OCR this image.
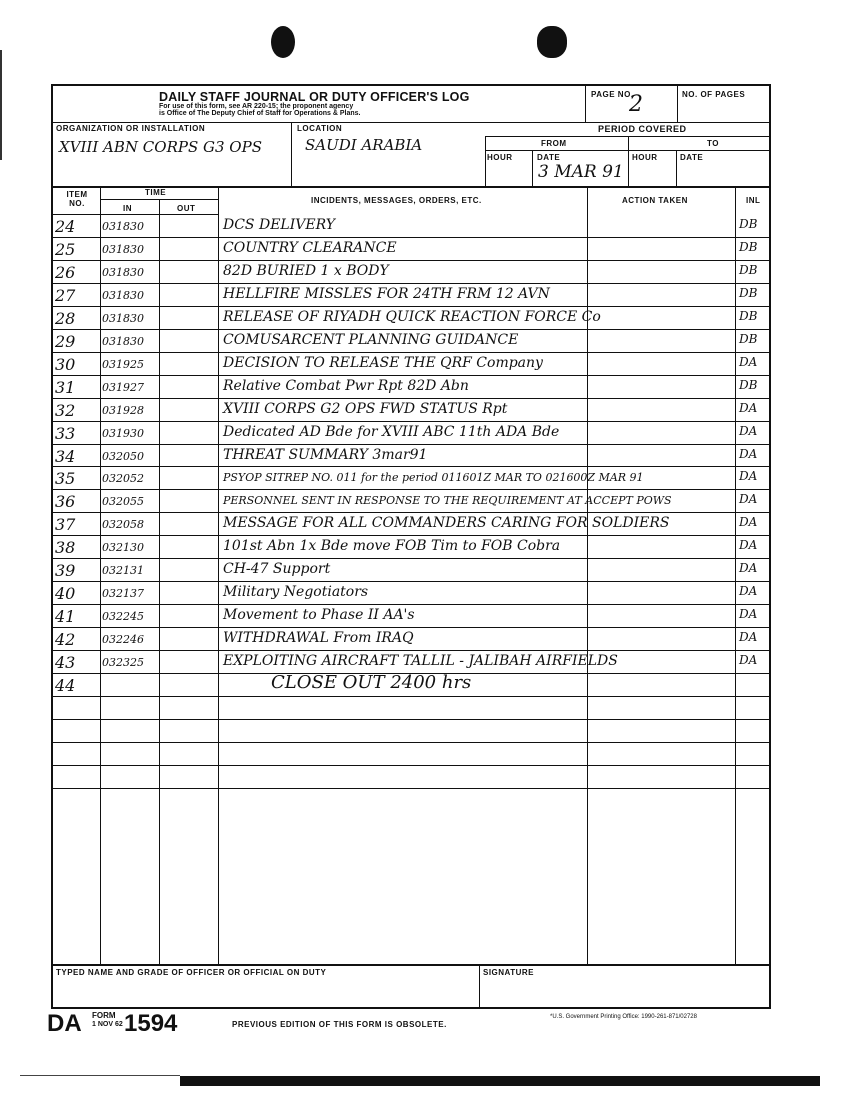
DAILY STAFF JOURNAL OR DUTY OFFICER'S LOG
For use of this form, see AR 220-15; the proponent agency
is Office of The Deputy Chief of Staff for Operations & Plans.
PAGE NO.
2	NO. OF PAGES
ORGANIZATION OR INSTALLATION
XVIII ABN CORPS G3 OPS
LOCATION
SAUDI ARABIA
PERIOD COVERED
FROM	TO
HOUR	DATE	HOUR	DATE
3 MAR 91
ITEM NO.
TIME
IN	OUT
INCIDENTS, MESSAGES, ORDERS, ETC.	ACTION TAKEN	INL
24	031830	DCS DELIVERY	DB
25	031830	COUNTRY CLEARANCE	DB
26	031830	82D BURIED 1 x BODY	DB
27	031830	HELLFIRE MISSLES FOR 24TH FRM 12 AVN	DB
28	031830	RELEASE OF RIYADH QUICK REACTION FORCE Co	DB
29	031830	COMUSARCENT PLANNING GUIDANCE	DB
30	031925	DECISION TO RELEASE THE QRF Company	DA
31	031927	Relative Combat Pwr Rpt 82D Abn	DB
32	031928	XVIII CORPS G2 OPS FWD STATUS Rpt	DA
33	031930	Dedicated AD Bde for XVIII ABC 11th ADA Bde	DA
34	032050	THREAT SUMMARY 3mar91	DA
35	032052	PSYOP SITREP NO. 011 for the period 011601Z MAR TO 021600Z MAR 91	DA
36	032055	PERSONNEL SENT IN RESPONSE TO THE REQUIREMENT AT ACCEPT POWS	DA
37	032058	MESSAGE FOR ALL COMMANDERS CARING FOR SOLDIERS	DA
38	032130	101st Abn 1x Bde move FOB Tim to FOB Cobra	DA
39	032131	CH-47 Support	DA
40	032137	Military Negotiators	DA
41	032245	Movement to Phase II AA's	DA
42	032246	WITHDRAWAL From IRAQ	DA
43	032325	EXPLOITING AIRCRAFT TALLIL - JALIBAH AIRFIELDS	DA
44	CLOSE OUT 2400 hrs
TYPED NAME AND GRADE OF OFFICER OR OFFICIAL ON DUTY	SIGNATURE
DA FORM
1 NOV 62 1594	PREVIOUS EDITION OF THIS FORM IS OBSOLETE.
*U.S. Government Printing Office: 1990-261-871/02728
